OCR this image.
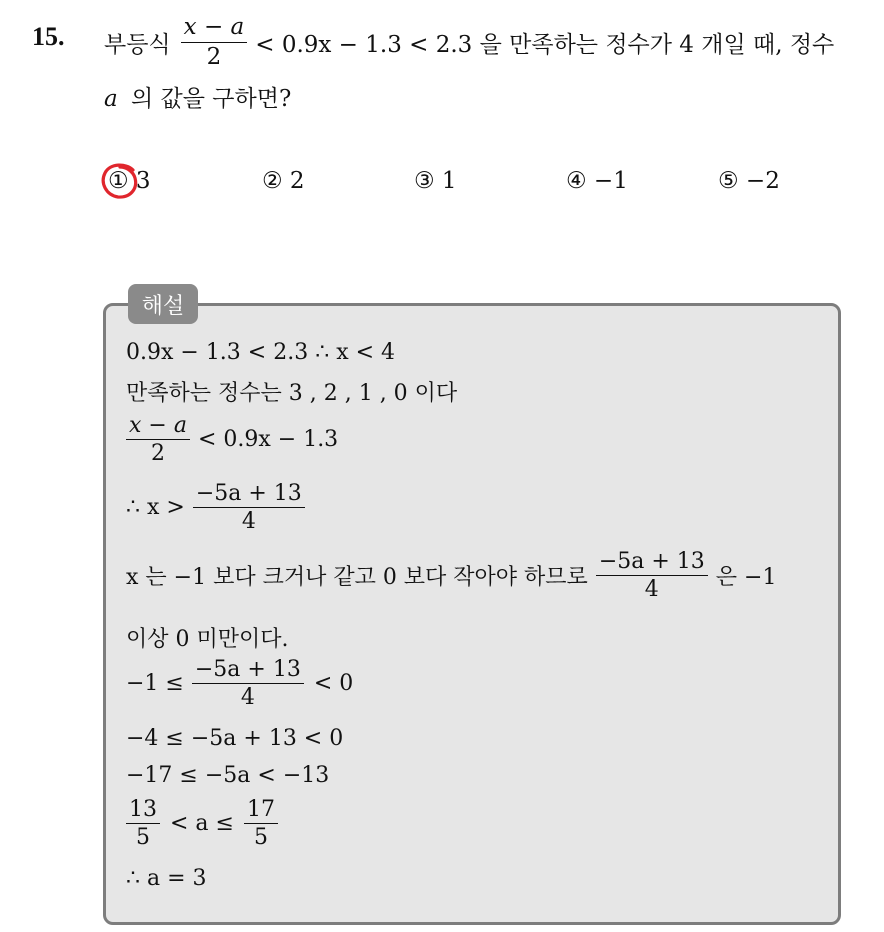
15. 부등식 $\frac{x - a}{2} < 0.9x - 1.3 < 2.3$ 을 만족하는 정수가 4 개일 때, 정수
a 의 값을 구하면?
① 3	② 2	③ 1	④ −1	⑤ −2
해설
0.9x − 1.3 < 2.3 ∴ x < 4
만족하는 정수는 3 , 2 , 1 , 0 이다
$\frac{x - a}{2} < 0.9x - 1.3$
∴ $x > \frac{-5a + 13}{4}$
x 는 −1 보다 크거나 같고 0 보다 작아야 하므로 $\frac{-5a + 13}{4}$ 은 −1
이상 0 미만이다.
$-1 \le \frac{-5a + 13}{4} < 0$
−4 ≤ −5a + 13 < 0
−17 ≤ −5a < −13
$\frac{13}{5} < a \le \frac{17}{5}$
∴ a = 3
